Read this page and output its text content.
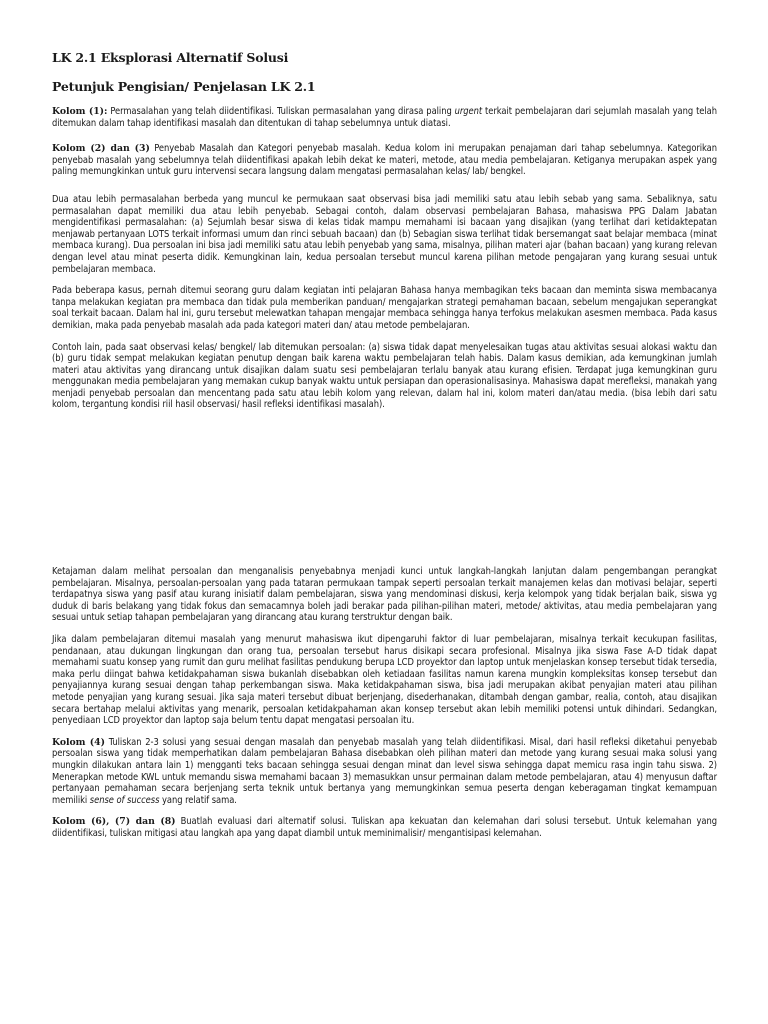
LK 2.1 Eksplorasi Alternatif Solusi
Petunjuk Pengisian/ Penjelasan LK 2.1

Kolom (1): Permasalahan yang telah diidentifikasi. Tuliskan permasalahan yang dirasa paling urgent terkait pembelajaran dari sejumlah masalah yang telah ditemukan dalam tahap identifikasi masalah dan ditentukan di tahap sebelumnya untuk diatasi.

Kolom (2) dan (3) Penyebab Masalah dan Kategori penyebab masalah. Kedua kolom ini merupakan penajaman dari tahap sebelumnya. Kategorikan penyebab masalah yang sebelumnya telah diidentifikasi apakah lebih dekat ke materi, metode, atau media pembelajaran. Ketiganya merupakan aspek yang paling memungkinkan untuk guru intervensi secara langsung dalam mengatasi permasalahan kelas/ lab/ bengkel.

Dua atau lebih permasalahan berbeda yang muncul ke permukaan saat observasi bisa jadi memiliki satu atau lebih sebab yang sama. Sebaliknya, satu permasalahan dapat memiliki dua atau lebih penyebab. Sebagai contoh, dalam observasi pembelajaran Bahasa, mahasiswa PPG Dalam Jabatan mengidentifikasi permasalahan: (a) Sejumlah besar siswa di kelas tidak mampu memahami isi bacaan yang disajikan (yang terlihat dari ketidaktepatan menjawab pertanyaan LOTS terkait informasi umum dan rinci sebuah bacaan) dan (b) Sebagian siswa terlihat tidak bersemangat saat belajar membaca (minat membaca kurang). Dua persoalan ini bisa jadi memiliki satu atau lebih penyebab yang sama, misalnya, pilihan materi ajar (bahan bacaan) yang kurang relevan dengan level atau minat peserta didik. Kemungkinan lain, kedua persoalan tersebut muncul karena pilihan metode pengajaran yang kurang sesuai untuk pembelajaran membaca.

Pada beberapa kasus, pernah ditemui seorang guru dalam kegiatan inti pelajaran Bahasa hanya membagikan teks bacaan dan meminta siswa membacanya tanpa melakukan kegiatan pra membaca dan tidak pula memberikan panduan/ mengajarkan strategi pemahaman bacaan, sebelum mengajukan seperangkat soal terkait bacaan. Dalam hal ini, guru tersebut melewatkan tahapan mengajar membaca sehingga hanya terfokus melakukan asesmen membaca. Pada kasus demikian, maka pada penyebab masalah ada pada kategori materi dan/ atau metode pembelajaran.

Contoh lain, pada saat observasi kelas/ bengkel/ lab ditemukan persoalan: (a) siswa tidak dapat menyelesaikan tugas atau aktivitas sesuai alokasi waktu dan (b) guru tidak sempat melakukan kegiatan penutup dengan baik karena waktu pembelajaran telah habis. Dalam kasus demikian, ada kemungkinan jumlah materi atau aktivitas yang dirancang untuk disajikan dalam suatu sesi pembelajaran terlalu banyak atau kurang efisien. Terdapat juga kemungkinan guru menggunakan media pembelajaran yang memakan cukup banyak waktu untuk persiapan dan operasionalisasinya. Mahasiswa dapat merefleksi, manakah yang menjadi penyebab persoalan dan mencentang pada satu atau lebih kolom yang relevan, dalam hal ini, kolom materi dan/atau media. (bisa lebih dari satu kolom, tergantung kondisi riil hasil observasi/ hasil refleksi identifikasi masalah).

Ketajaman dalam melihat persoalan dan menganalisis penyebabnya menjadi kunci untuk langkah-langkah lanjutan dalam pengembangan perangkat pembelajaran. Misalnya, persoalan-persoalan yang pada tataran permukaan tampak seperti persoalan terkait manajemen kelas dan motivasi belajar, seperti terdapatnya siswa yang pasif atau kurang inisiatif dalam pembelajaran, siswa yang mendominasi diskusi, kerja kelompok yang tidak berjalan baik, siswa yg duduk di baris belakang yang tidak fokus dan semacamnya boleh jadi berakar pada pilihan-pilihan materi, metode/ aktivitas, atau media pembelajaran yang sesuai untuk setiap tahapan pembelajaran yang dirancang atau kurang terstruktur dengan baik.

Jika dalam pembelajaran ditemui masalah yang menurut mahasiswa ikut dipengaruhi faktor di luar pembelajaran, misalnya terkait kecukupan fasilitas, pendanaan, atau dukungan lingkungan dan orang tua, persoalan tersebut harus disikapi secara profesional. Misalnya jika siswa Fase A-D tidak dapat memahami suatu konsep yang rumit dan guru melihat fasilitas pendukung berupa LCD proyektor dan laptop untuk menjelaskan konsep tersebut tidak tersedia, maka perlu diingat bahwa ketidakpahaman siswa bukanlah disebabkan oleh ketiadaan fasilitas namun karena mungkin kompleksitas konsep tersebut dan penyajiannya kurang sesuai dengan tahap perkembangan siswa. Maka ketidakpahaman siswa, bisa jadi merupakan akibat penyajian materi atau pilihan metode penyajian yang kurang sesuai. Jika saja materi tersebut dibuat berjenjang, disederhanakan, ditambah dengan gambar, realia, contoh, atau disajikan secara bertahap melalui aktivitas yang menarik, persoalan ketidakpahaman akan konsep tersebut akan lebih memiliki potensi untuk dihindari. Sedangkan, penyediaan LCD proyektor dan laptop saja belum tentu dapat mengatasi persoalan itu.

Kolom (4) Tuliskan 2-3 solusi yang sesuai dengan masalah dan penyebab masalah yang telah diidentifikasi. Misal, dari hasil refleksi diketahui penyebab persoalan siswa yang tidak memperhatikan dalam pembelajaran Bahasa disebabkan oleh pilihan materi dan metode yang kurang sesuai maka solusi yang mungkin dilakukan antara lain 1) mengganti teks bacaan sehingga sesuai dengan minat dan level siswa sehingga dapat memicu rasa ingin tahu siswa. 2) Menerapkan metode KWL untuk memandu siswa memahami bacaan 3) memasukkan unsur permainan dalam metode pembelajaran, atau 4) menyusun daftar pertanyaan pemahaman secara berjenjang serta teknik untuk bertanya yang memungkinkan semua peserta dengan keberagaman tingkat kemampuan memiliki sense of success yang relatif sama.

Kolom (6), (7) dan (8) Buatlah evaluasi dari alternatif solusi. Tuliskan apa kekuatan dan kelemahan dari solusi tersebut. Untuk kelemahan yang diidentifikasi, tuliskan mitigasi atau langkah apa yang dapat diambil untuk meminimalisir/ mengantisipasi kelemahan.
